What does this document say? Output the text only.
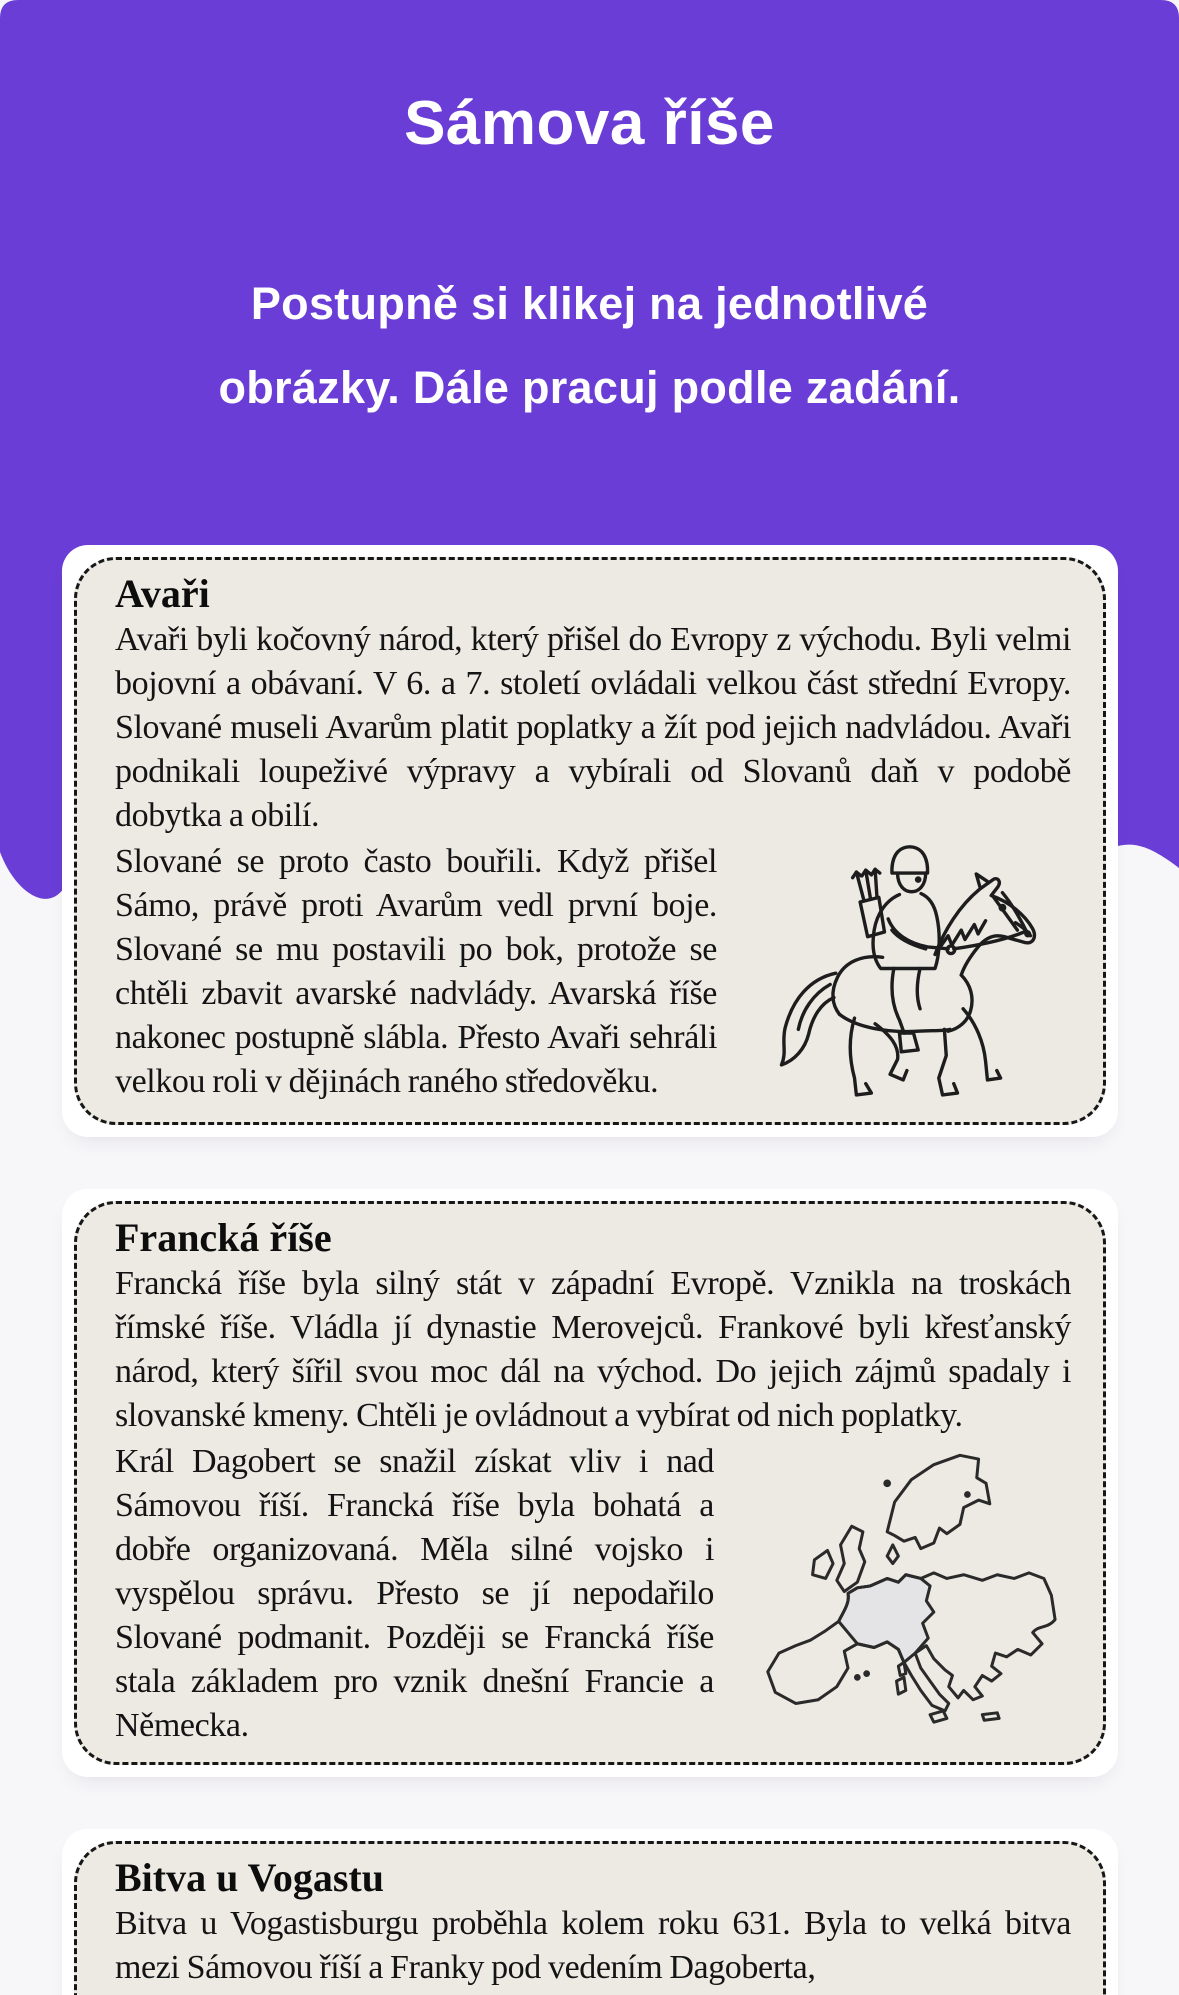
Sámova říše
Postupně si klikej na jednotlivé
obrázky. Dále pracuj podle zadání.
Avaři

Avaři byli kočovný národ, který přišel do Evropy z východu. Byli velmi bojovní a obávaní. V 6. a 7. století ovládali velkou část střední Evropy. Slované museli Avarům platit poplatky a žít pod jejich nadvládou. Avaři podnikali loupeživé výpravy a vybírali od Slovanů daň v podobě dobytka a obilí.

Slované se proto často bouřili. Když přišel Sámo, právě proti Avarům vedl první boje. Slované se mu postavili po bok, protože se chtěli zbavit avarské nadvlády. Avarská říše nakonec postupně slábla. Přesto Avaři sehráli velkou roli v dějinách raného středověku.

Francká říše

Francká říše byla silný stát v západní Evropě. Vznikla na troskách římské říše. Vládla jí dynastie Merovejců. Frankové byli křesťanský národ, který šířil svou moc dál na východ. Do jejich zájmů spadaly i slovanské kmeny. Chtěli je ovládnout a vybírat od nich poplatky.

Král Dagobert se snažil získat vliv i nad Sámovou říší. Francká říše byla bohatá a dobře organizovaná. Měla silné vojsko i vyspělou správu. Přesto se jí nepodařilo Slované podmanit. Později se Francká říše stala základem pro vznik dnešní Francie a Německa.

Bitva u Vogastu

Bitva u Vogastisburgu proběhla kolem roku 631. Byla to velká bitva mezi Sámovou říší a Franky pod vedením Dagoberta,
